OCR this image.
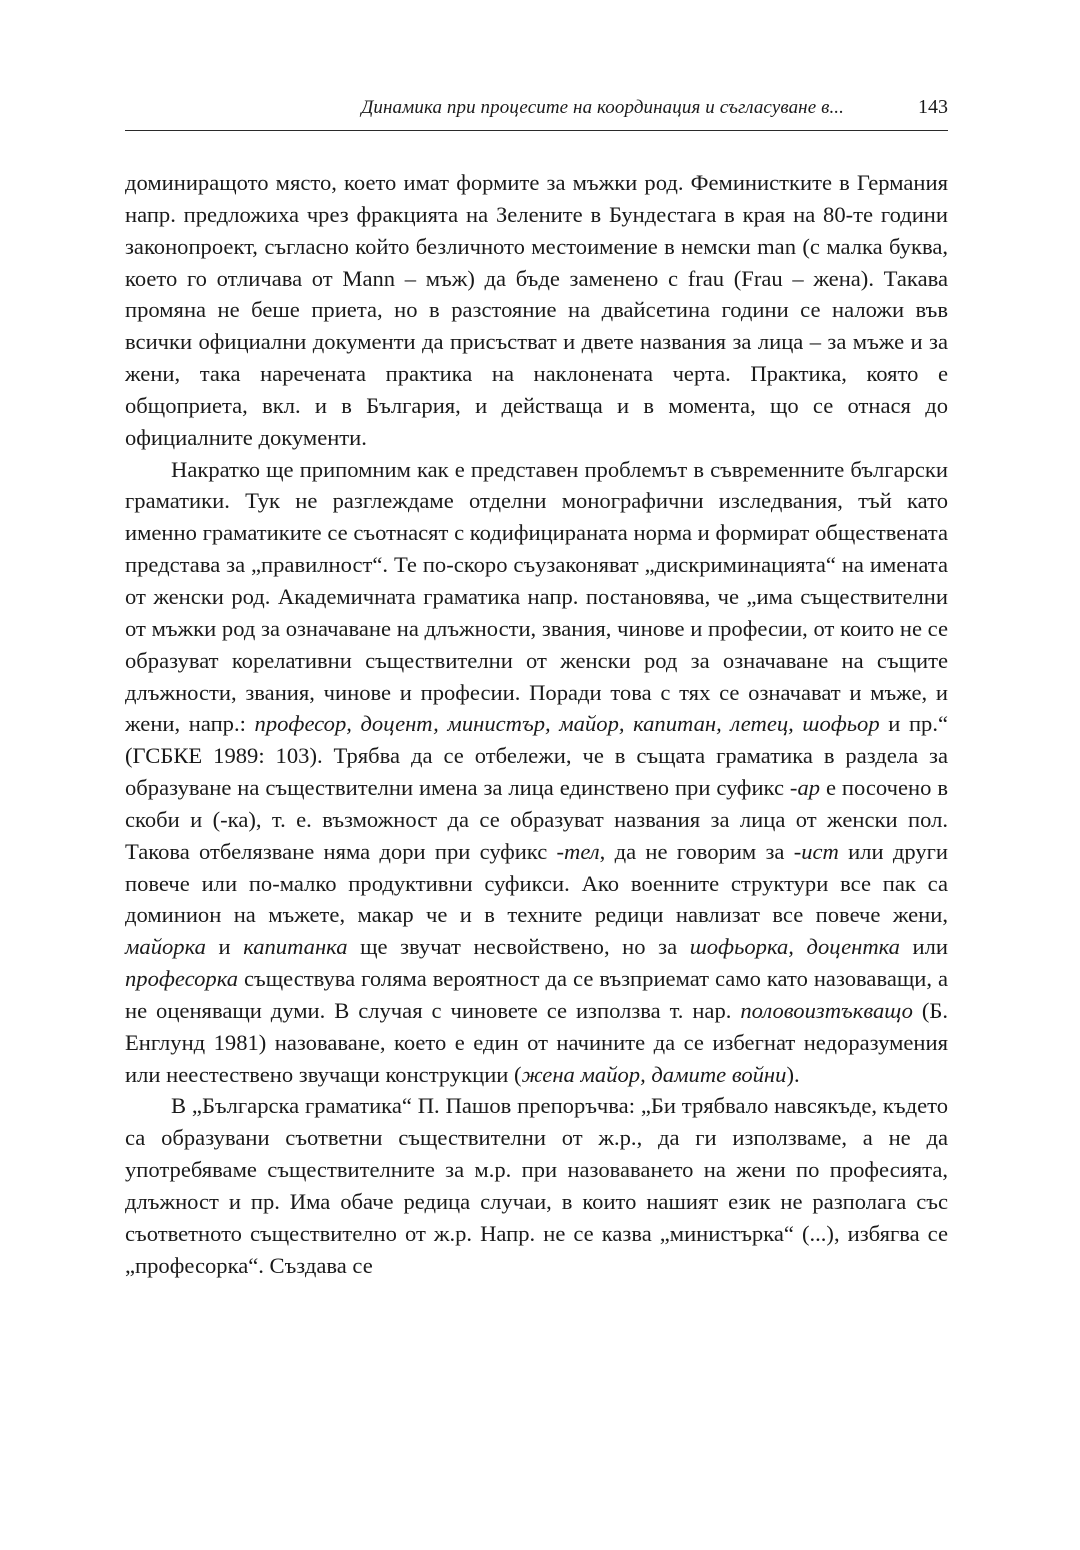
Динамика при процесите на координация и съгласуване в...	143

доминиращото място, което имат формите за мъжки род. Феминистките в Германия напр. предложиха чрез фракцията на Зелените в Бундестага в края на 80-те години законопроект, съгласно който безличното местоимение в немски man (с малка буква, което го отличава от Mann – мъж) да бъде заменено с frau (Frau – жена). Такава промяна не беше приета, но в разстояние на двайсетина години се наложи във всички официални документи да присъстват и двете названия за лица – за мъже и за жени, така наречената практика на наклонената черта. Практика, която е общоприета, вкл. и в България, и действаща и в момента, що се отнася до официалните документи.

Накратко ще припомним как е представен проблемът в съвременните български граматики. Тук не разглеждаме отделни монографични изследвания, тъй като именно граматиките се съотнасят с кодифицираната норма и формират обществената представа за „правилност“. Те по-скоро съузаконяват „дискриминацията“ на имената от женски род. Академичната граматика напр. постановява, че „има съществителни от мъжки род за означаване на длъжности, звания, чинове и професии, от които не се образуват корелативни съществителни от женски род за означаване на същите длъжности, звания, чинове и професии. Поради това с тях се означават и мъже, и жени, напр.: професор, доцент, министър, майор, капитан, летец, шофьор и пр.“ (ГСБКЕ 1989: 103). Трябва да се отбележи, че в същата граматика в раздела за образуване на съществителни имена за лица единствено при суфикс -ар е посочено в скоби и (-ка), т. е. възможност да се образуват названия за лица от женски пол. Такова отбелязване няма дори при суфикс -тел, да не говорим за -ист или други повече или по-малко продуктивни суфикси. Ако военните структури все пак са доминион на мъжете, макар че и в техните редици навлизат все повече жени, майорка и капитанка ще звучат несвойствено, но за шофьорка, доцентка или професорка съществува голяма вероятност да се възприемат само като назоваващи, а не оценяващи думи. В случая с чиновете се използва т. нар. половоизтъкващо (Б. Енглунд 1981) назоваване, което е един от начините да се избегнат недоразумения или неестествено звучащи конструкции (жена майор, дамите войни).

В „Българска граматика“ П. Пашов препоръчва: „Би трябвало навсякъде, където са образувани съответни съществителни от ж.р., да ги използваме, а не да употребяваме съществителните за м.р. при назоваването на жени по професията, длъжност и пр. Има обаче редица случаи, в които нашият език не разполага със съответното съществително от ж.р. Напр. не се казва „министърка“ (...), избягва се „професорка“. Създава се
